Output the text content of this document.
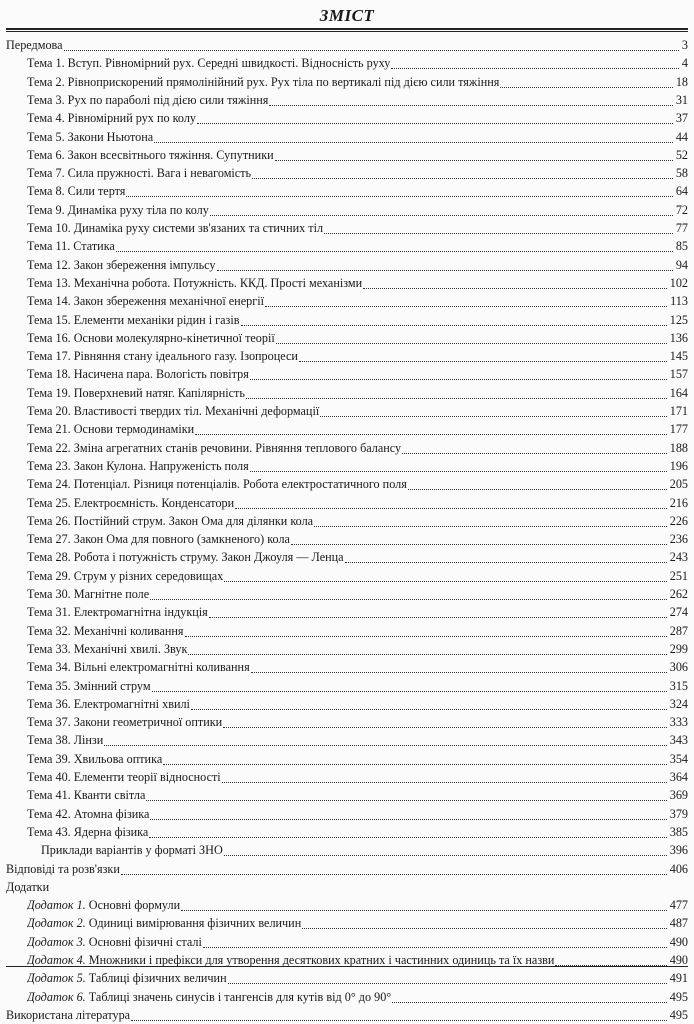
ЗМІСТ
Передмова	3
Тема 1. Вступ. Рівномірний рух. Середні швидкості. Відносність руху	4
Тема 2. Рівноприскорений прямолінійний рух. Рух тіла по вертикалі під дією сили тяжіння	18
Тема 3. Рух по параболі під дією сили тяжіння	31
Тема 4. Рівномірний рух по колу	37
Тема 5. Закони Ньютона	44
Тема 6. Закон всесвітнього тяжіння. Супутники	52
Тема 7. Сила пружності. Вага і невагомість	58
Тема 8. Сили тертя	64
Тема 9. Динаміка руху тіла по колу	72
Тема 10. Динаміка руху системи зв'язаних та стичних тіл	77
Тема 11. Статика	85
Тема 12. Закон збереження імпульсу	94
Тема 13. Механічна робота. Потужність. ККД. Прості механізми	102
Тема 14. Закон збереження механічної енергії	113
Тема 15. Елементи механіки рідин і газів	125
Тема 16. Основи молекулярно-кінетичної теорії	136
Тема 17. Рівняння стану ідеального газу. Ізопроцеси	145
Тема 18. Насичена пара. Вологість повітря	157
Тема 19. Поверхневий натяг. Капілярність	164
Тема 20. Властивості твердих тіл. Механічні деформації	171
Тема 21. Основи термодинаміки	177
Тема 22. Зміна агрегатних станів речовини. Рівняння теплового балансу	188
Тема 23. Закон Кулона. Напруженість поля	196
Тема 24. Потенціал. Різниця потенціалів. Робота електростатичного поля	205
Тема 25. Електроємність. Конденсатори	216
Тема 26. Постійний струм. Закон Ома для ділянки кола	226
Тема 27. Закон Ома для повного (замкненого) кола	236
Тема 28. Робота і потужність струму. Закон Джоуля — Ленца	243
Тема 29. Струм у різних середовищах	251
Тема 30. Магнітне поле	262
Тема 31. Електромагнітна індукція	274
Тема 32. Механічні коливання	287
Тема 33. Механічні хвилі. Звук	299
Тема 34. Вільні електромагнітні коливання	306
Тема 35. Змінний струм	315
Тема 36. Електромагнітні хвилі	324
Тема 37. Закони геометричної оптики	333
Тема 38. Лінзи	343
Тема 39. Хвильова оптика	354
Тема 40. Елементи теорії відносності	364
Тема 41. Кванти світла	369
Тема 42. Атомна фізика	379
Тема 43. Ядерна фізика	385
Приклади варіантів у форматі ЗНО	396
Відповіді та розв'язки	406
Додатки
Додаток 1. Основні формули	477
Додаток 2. Одиниці вимірювання фізичних величин	487
Додаток 3. Основні фізичні сталі	490
Додаток 4. Множники і префікси для утворення десяткових кратних і частинних одиниць та їх назви	490
Додаток 5. Таблиці фізичних величин	491
Додаток 6. Таблиці значень синусів і тангенсів для кутів від 0° до 90°	495
Використана література	495
